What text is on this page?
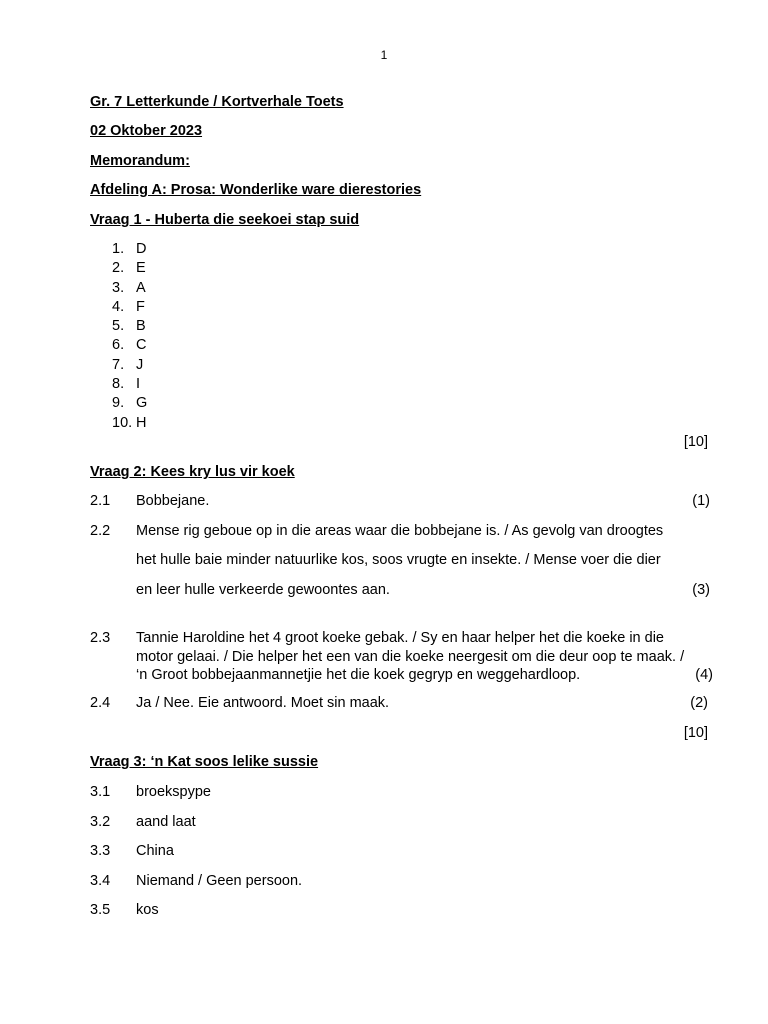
1
Gr. 7 Letterkunde / Kortverhale Toets
02 Oktober 2023
Memorandum:
Afdeling A: Prosa: Wonderlike ware dierestories
Vraag 1 - Huberta die seekoei stap suid
1. D
2. E
3. A
4. F
5. B
6. C
7. J
8. I
9. G
10. H
[10]
Vraag 2: Kees kry lus vir koek
2.1 Bobbejane.	(1)
2.2 Mense rig geboue op in die areas waar die bobbejane is. / As gevolg van droogtes
het hulle baie minder natuurlike kos, soos vrugte en insekte. / Mense voer die dier
en leer hulle verkeerde gewoontes aan.	(3)
2.3 Tannie Haroldine het 4 groot koeke gebak. / Sy en haar helper het die koeke in die
motor gelaai. / Die helper het een van die koeke neergesit om die deur oop te maak. /
‘n Groot bobbejaanmannetjie het die koek gegryp en weggehardloop.	(4)
2.4 Ja / Nee. Eie antwoord. Moet sin maak.	(2)
[10]
Vraag 3: ‘n Kat soos lelike sussie
3.1 broekspype
3.2 aand laat
3.3 China
3.4 Niemand / Geen persoon.
3.5 kos
